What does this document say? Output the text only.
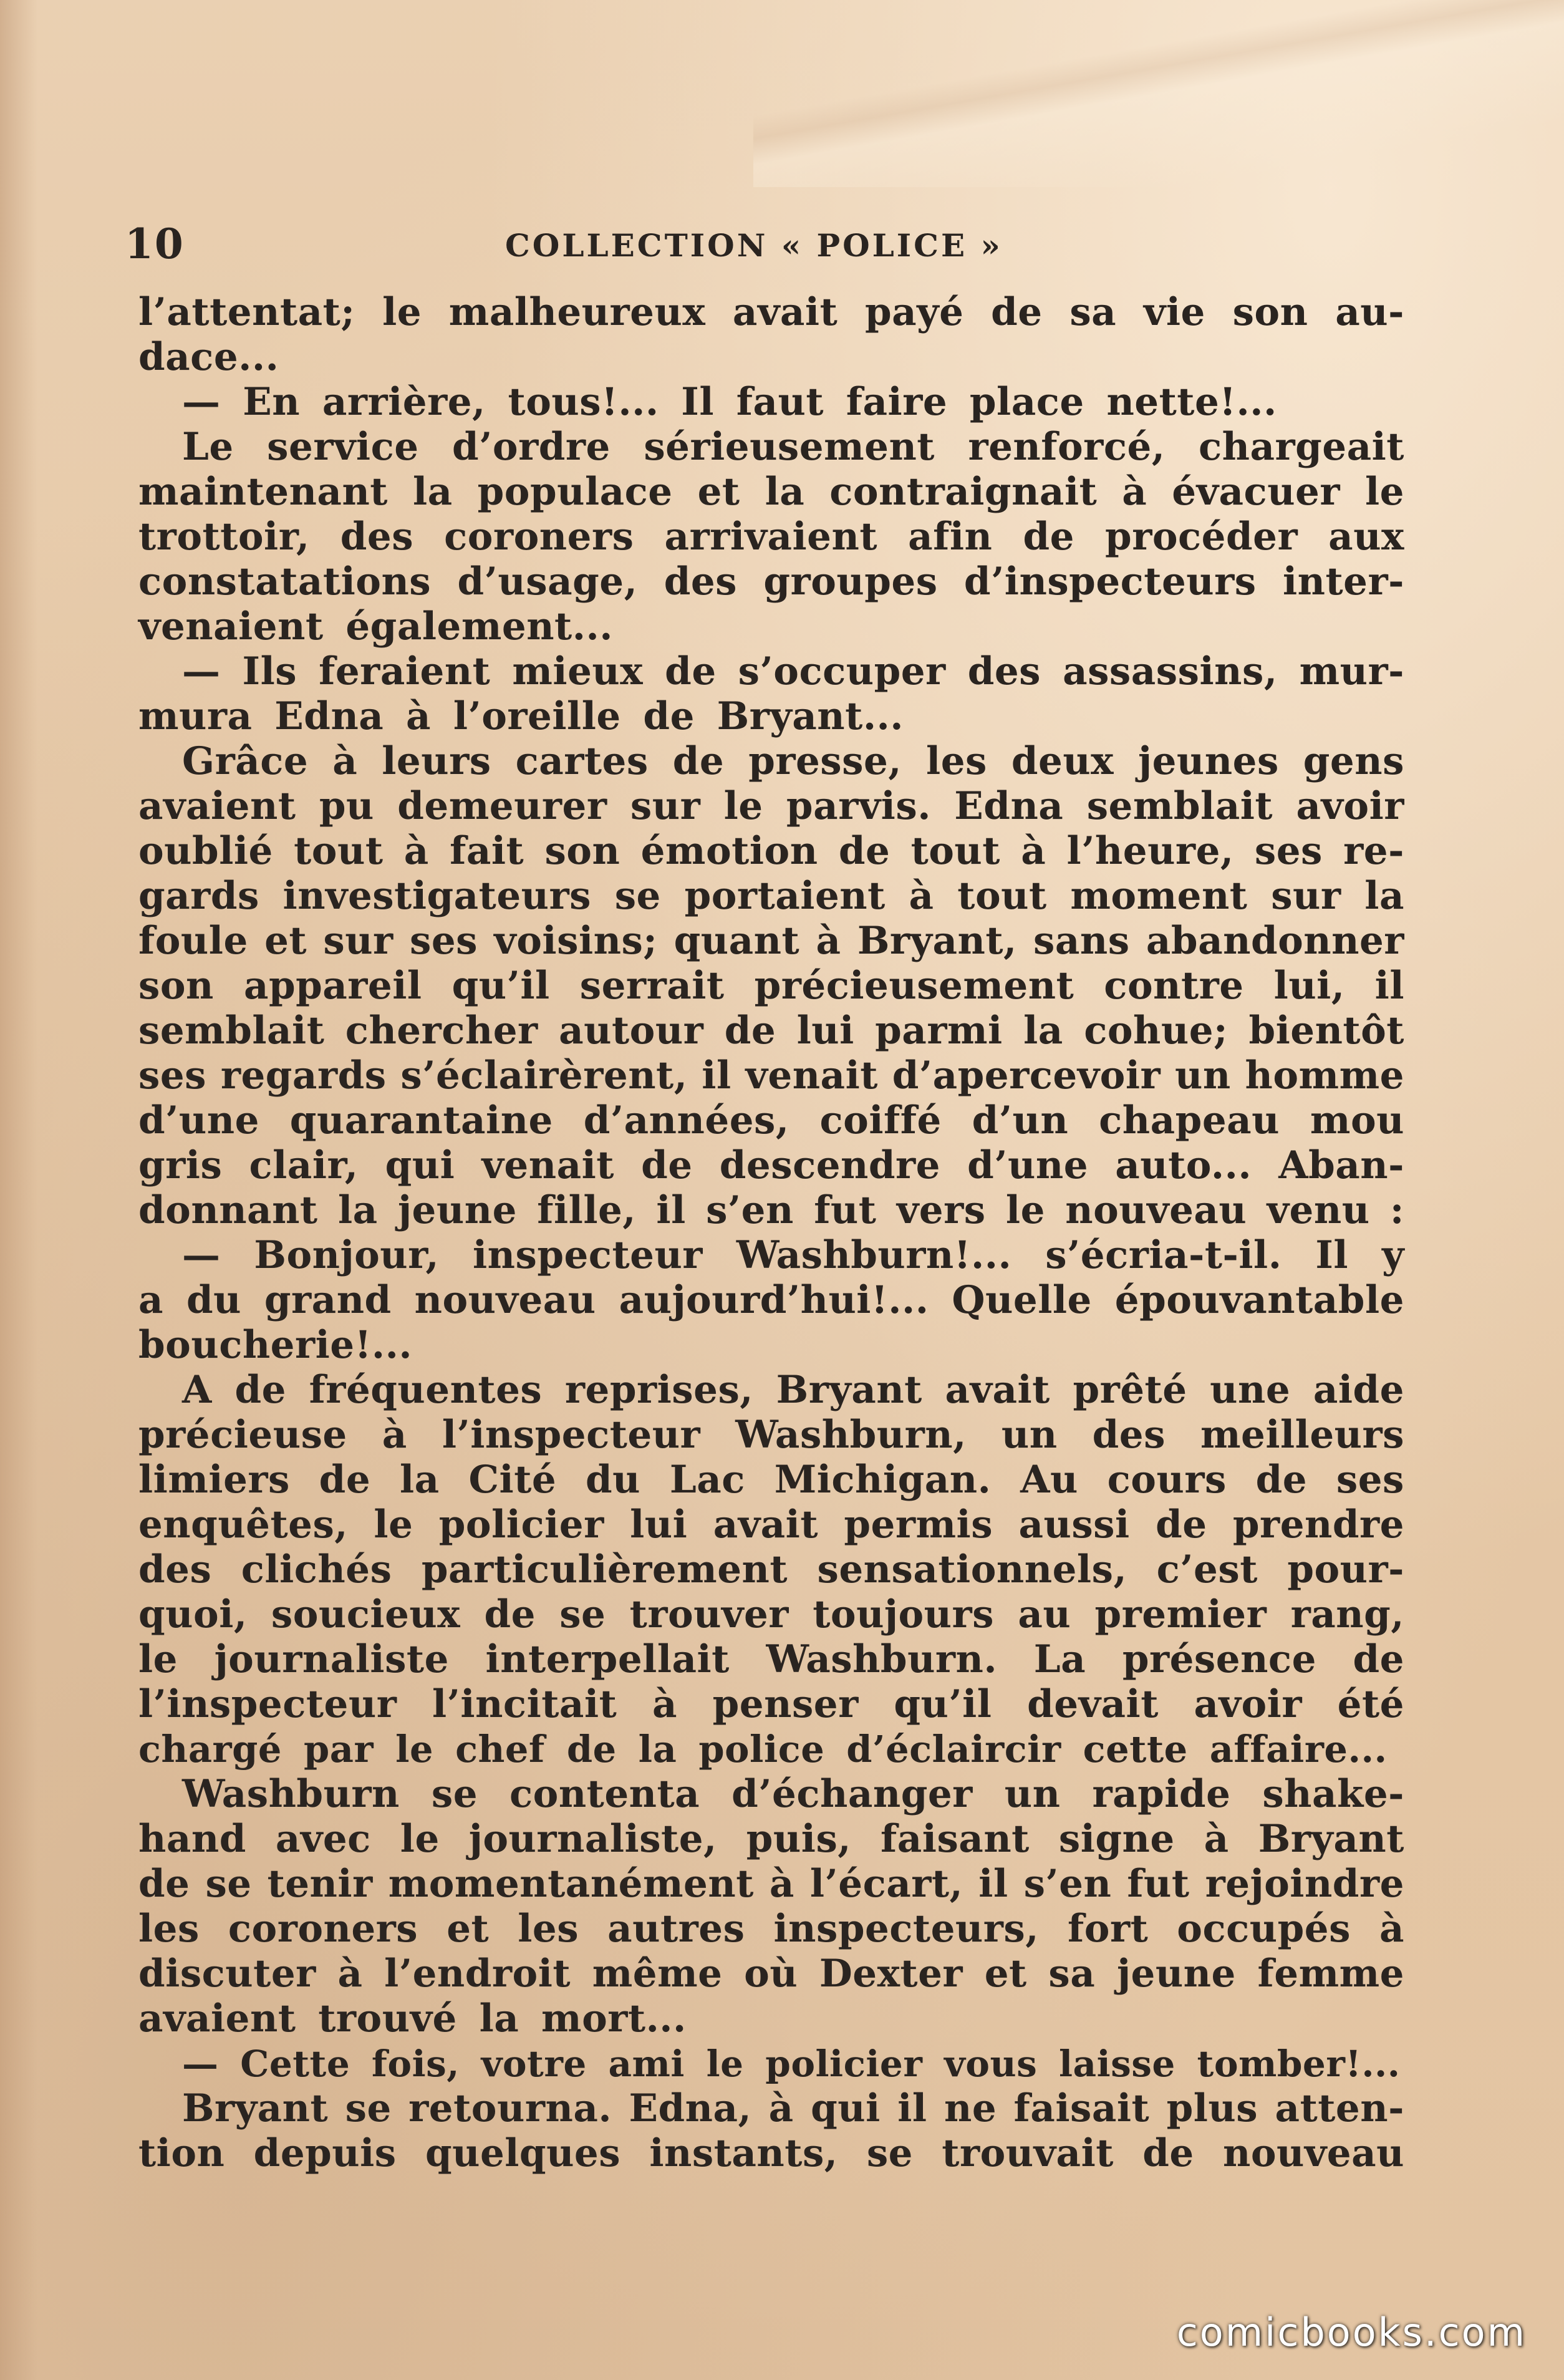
10	COLLECTION « POLICE »
l’attentat; le malheureux avait payé de sa vie son au-
dace...
— En arrière, tous!... Il faut faire place nette!...
Le service d’ordre sérieusement renforcé, chargeait
maintenant la populace et la contraignait à évacuer le
trottoir, des coroners arrivaient afin de procéder aux
constatations d’usage, des groupes d’inspecteurs inter-
venaient également...
— Ils feraient mieux de s’occuper des assassins, mur-
mura Edna à l’oreille de Bryant...
Grâce à leurs cartes de presse, les deux jeunes gens
avaient pu demeurer sur le parvis. Edna semblait avoir
oublié tout à fait son émotion de tout à l’heure, ses re-
gards investigateurs se portaient à tout moment sur la
foule et sur ses voisins; quant à Bryant, sans abandonner
son appareil qu’il serrait précieusement contre lui, il
semblait chercher autour de lui parmi la cohue; bientôt
ses regards s’éclairèrent, il venait d’apercevoir un homme
d’une quarantaine d’années, coiffé d’un chapeau mou
gris clair, qui venait de descendre d’une auto... Aban-
donnant la jeune fille, il s’en fut vers le nouveau venu :
— Bonjour, inspecteur Washburn!... s’écria-t-il. Il y
a du grand nouveau aujourd’hui!... Quelle épouvantable
boucherie!...
A de fréquentes reprises, Bryant avait prêté une aide
précieuse à l’inspecteur Washburn, un des meilleurs
limiers de la Cité du Lac Michigan. Au cours de ses
enquêtes, le policier lui avait permis aussi de prendre
des clichés particulièrement sensationnels, c’est pour-
quoi, soucieux de se trouver toujours au premier rang,
le journaliste interpellait Washburn. La présence de
l’inspecteur l’incitait à penser qu’il devait avoir été
chargé par le chef de la police d’éclaircir cette affaire...
Washburn se contenta d’échanger un rapide shake-
hand avec le journaliste, puis, faisant signe à Bryant
de se tenir momentanément à l’écart, il s’en fut rejoindre
les coroners et les autres inspecteurs, fort occupés à
discuter à l’endroit même où Dexter et sa jeune femme
avaient trouvé la mort...
— Cette fois, votre ami le policier vous laisse tomber!...
Bryant se retourna. Edna, à qui il ne faisait plus atten-
tion depuis quelques instants, se trouvait de nouveau
comicbooks.com
